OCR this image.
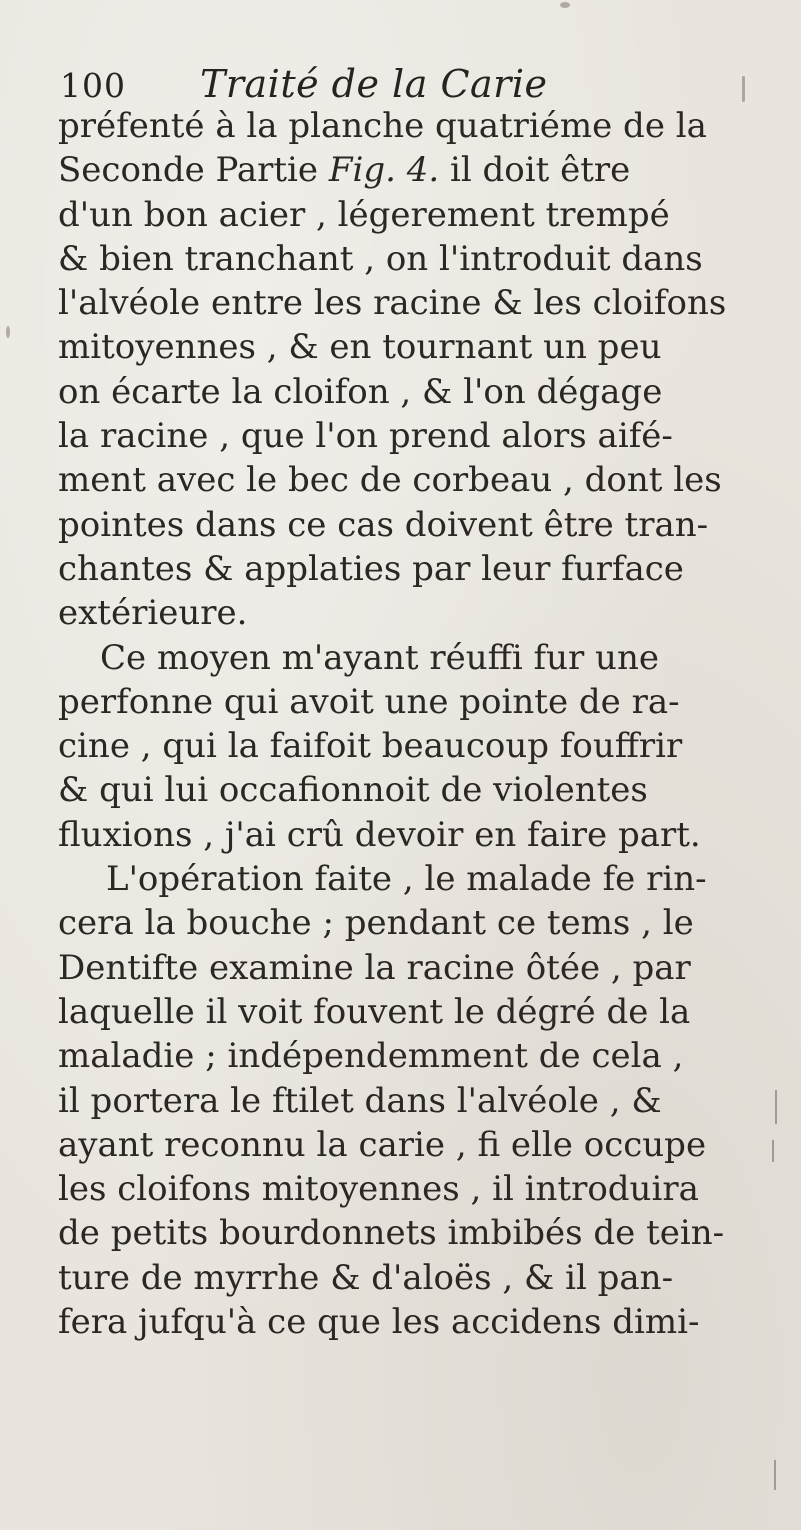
100 Traité de la Carie
préfenté à la planche quatriéme de la
Seconde Partie Fig. 4. il doit être
d'un bon acier , légerement trempé
& bien tranchant , on l'introduit dans
l'alvéole entre les racine & les cloifons
mitoyennes , & en tournant un peu
on écarte la cloifon , & l'on dégage
la racine , que l'on prend alors aifé-
ment avec le bec de corbeau , dont les
pointes dans ce cas doivent être tran-
chantes & applaties par leur furface
extérieure.
Ce moyen m'ayant réuffi fur une
perfonne qui avoit une pointe de ra-
cine , qui la faifoit beaucoup fouffrir
& qui lui occafionnoit de violentes
fluxions , j'ai crû devoir en faire part.
L'opération faite , le malade fe rin-
cera la bouche ; pendant ce tems , le
Dentifte examine la racine ôtée , par
laquelle il voit fouvent le dégré de la
maladie ; indépendemment de cela ,
il portera le ftilet dans l'alvéole , &
ayant reconnu la carie , fi elle occupe
les cloifons mitoyennes , il introduira
de petits bourdonnets imbibés de tein-
ture de myrrhe & d'aloës , & il pan-
fera jufqu'à ce que les accidens dimi-
